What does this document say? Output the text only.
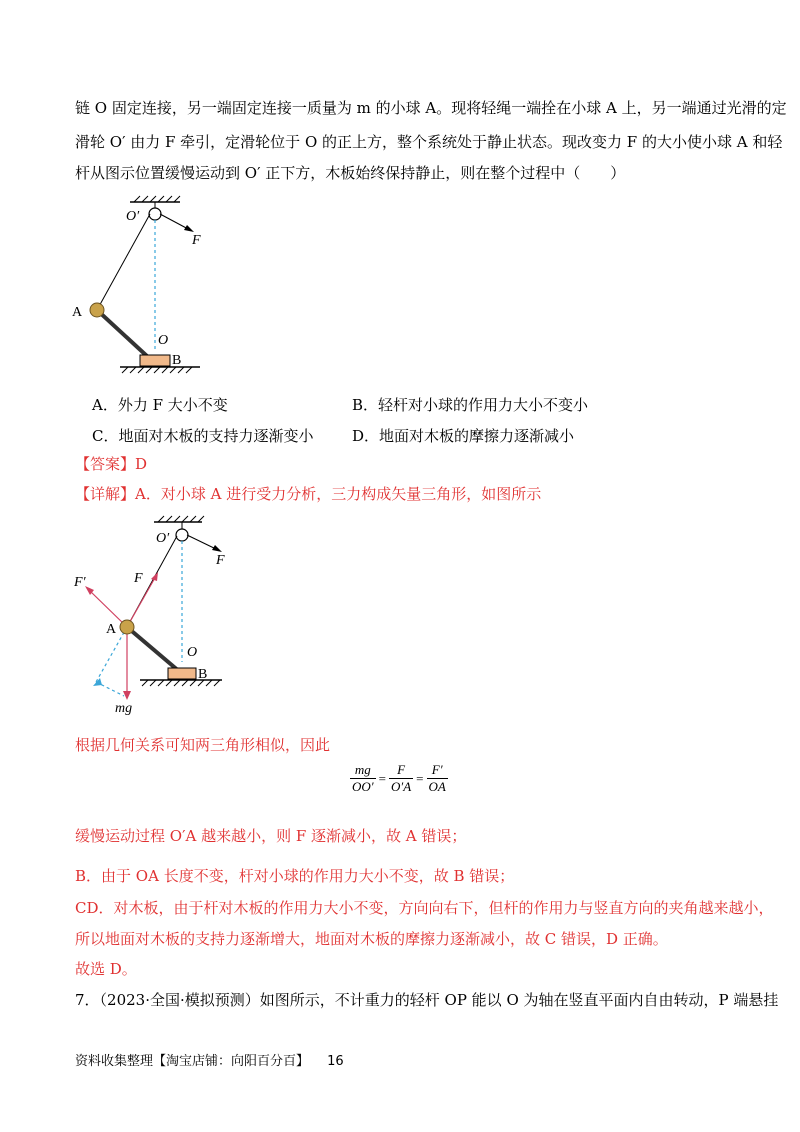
链 O 固定连接，另一端固定连接一质量为 m 的小球 A。现将轻绳一端拴在小球 A 上，另一端通过光滑的定
滑轮 O′ 由力 F 牵引，定滑轮位于 O 的正上方，整个系统处于静止状态。现改变力 F 的大小使小球 A 和轻
杆从图示位置缓慢运动到 O′ 正下方，木板始终保持静止，则在整个过程中（　　）
O′
F
A
O
B
A．外力 F 大小不变	B．轻杆对小球的作用力大小不变小
C．地面对木板的支持力逐渐变小	D．地面对木板的摩擦力逐渐减小
【答案】D
【详解】A．对小球 A 进行受力分析，三力构成矢量三角形，如图所示
O′
F
F′	F
A
O
B
mg
根据几何关系可知两三角形相似，因此
$\frac{mg}{OO'} = \frac{F}{O'A} = \frac{F'}{OA}$
缓慢运动过程 O′A 越来越小，则 F 逐渐减小，故 A 错误；
B．由于 OA 长度不变，杆对小球的作用力大小不变，故 B 错误；
CD．对木板，由于杆对木板的作用力大小不变，方向向右下，但杆的作用力与竖直方向的夹角越来越小，
所以地面对木板的支持力逐渐增大，地面对木板的摩擦力逐渐减小，故 C 错误，D 正确。
故选 D。
7．（2023·全国·模拟预测）如图所示，不计重力的轻杆 OP 能以 O 为轴在竖直平面内自由转动，P 端悬挂
资料收集整理【淘宝店铺：向阳百分百】 16
